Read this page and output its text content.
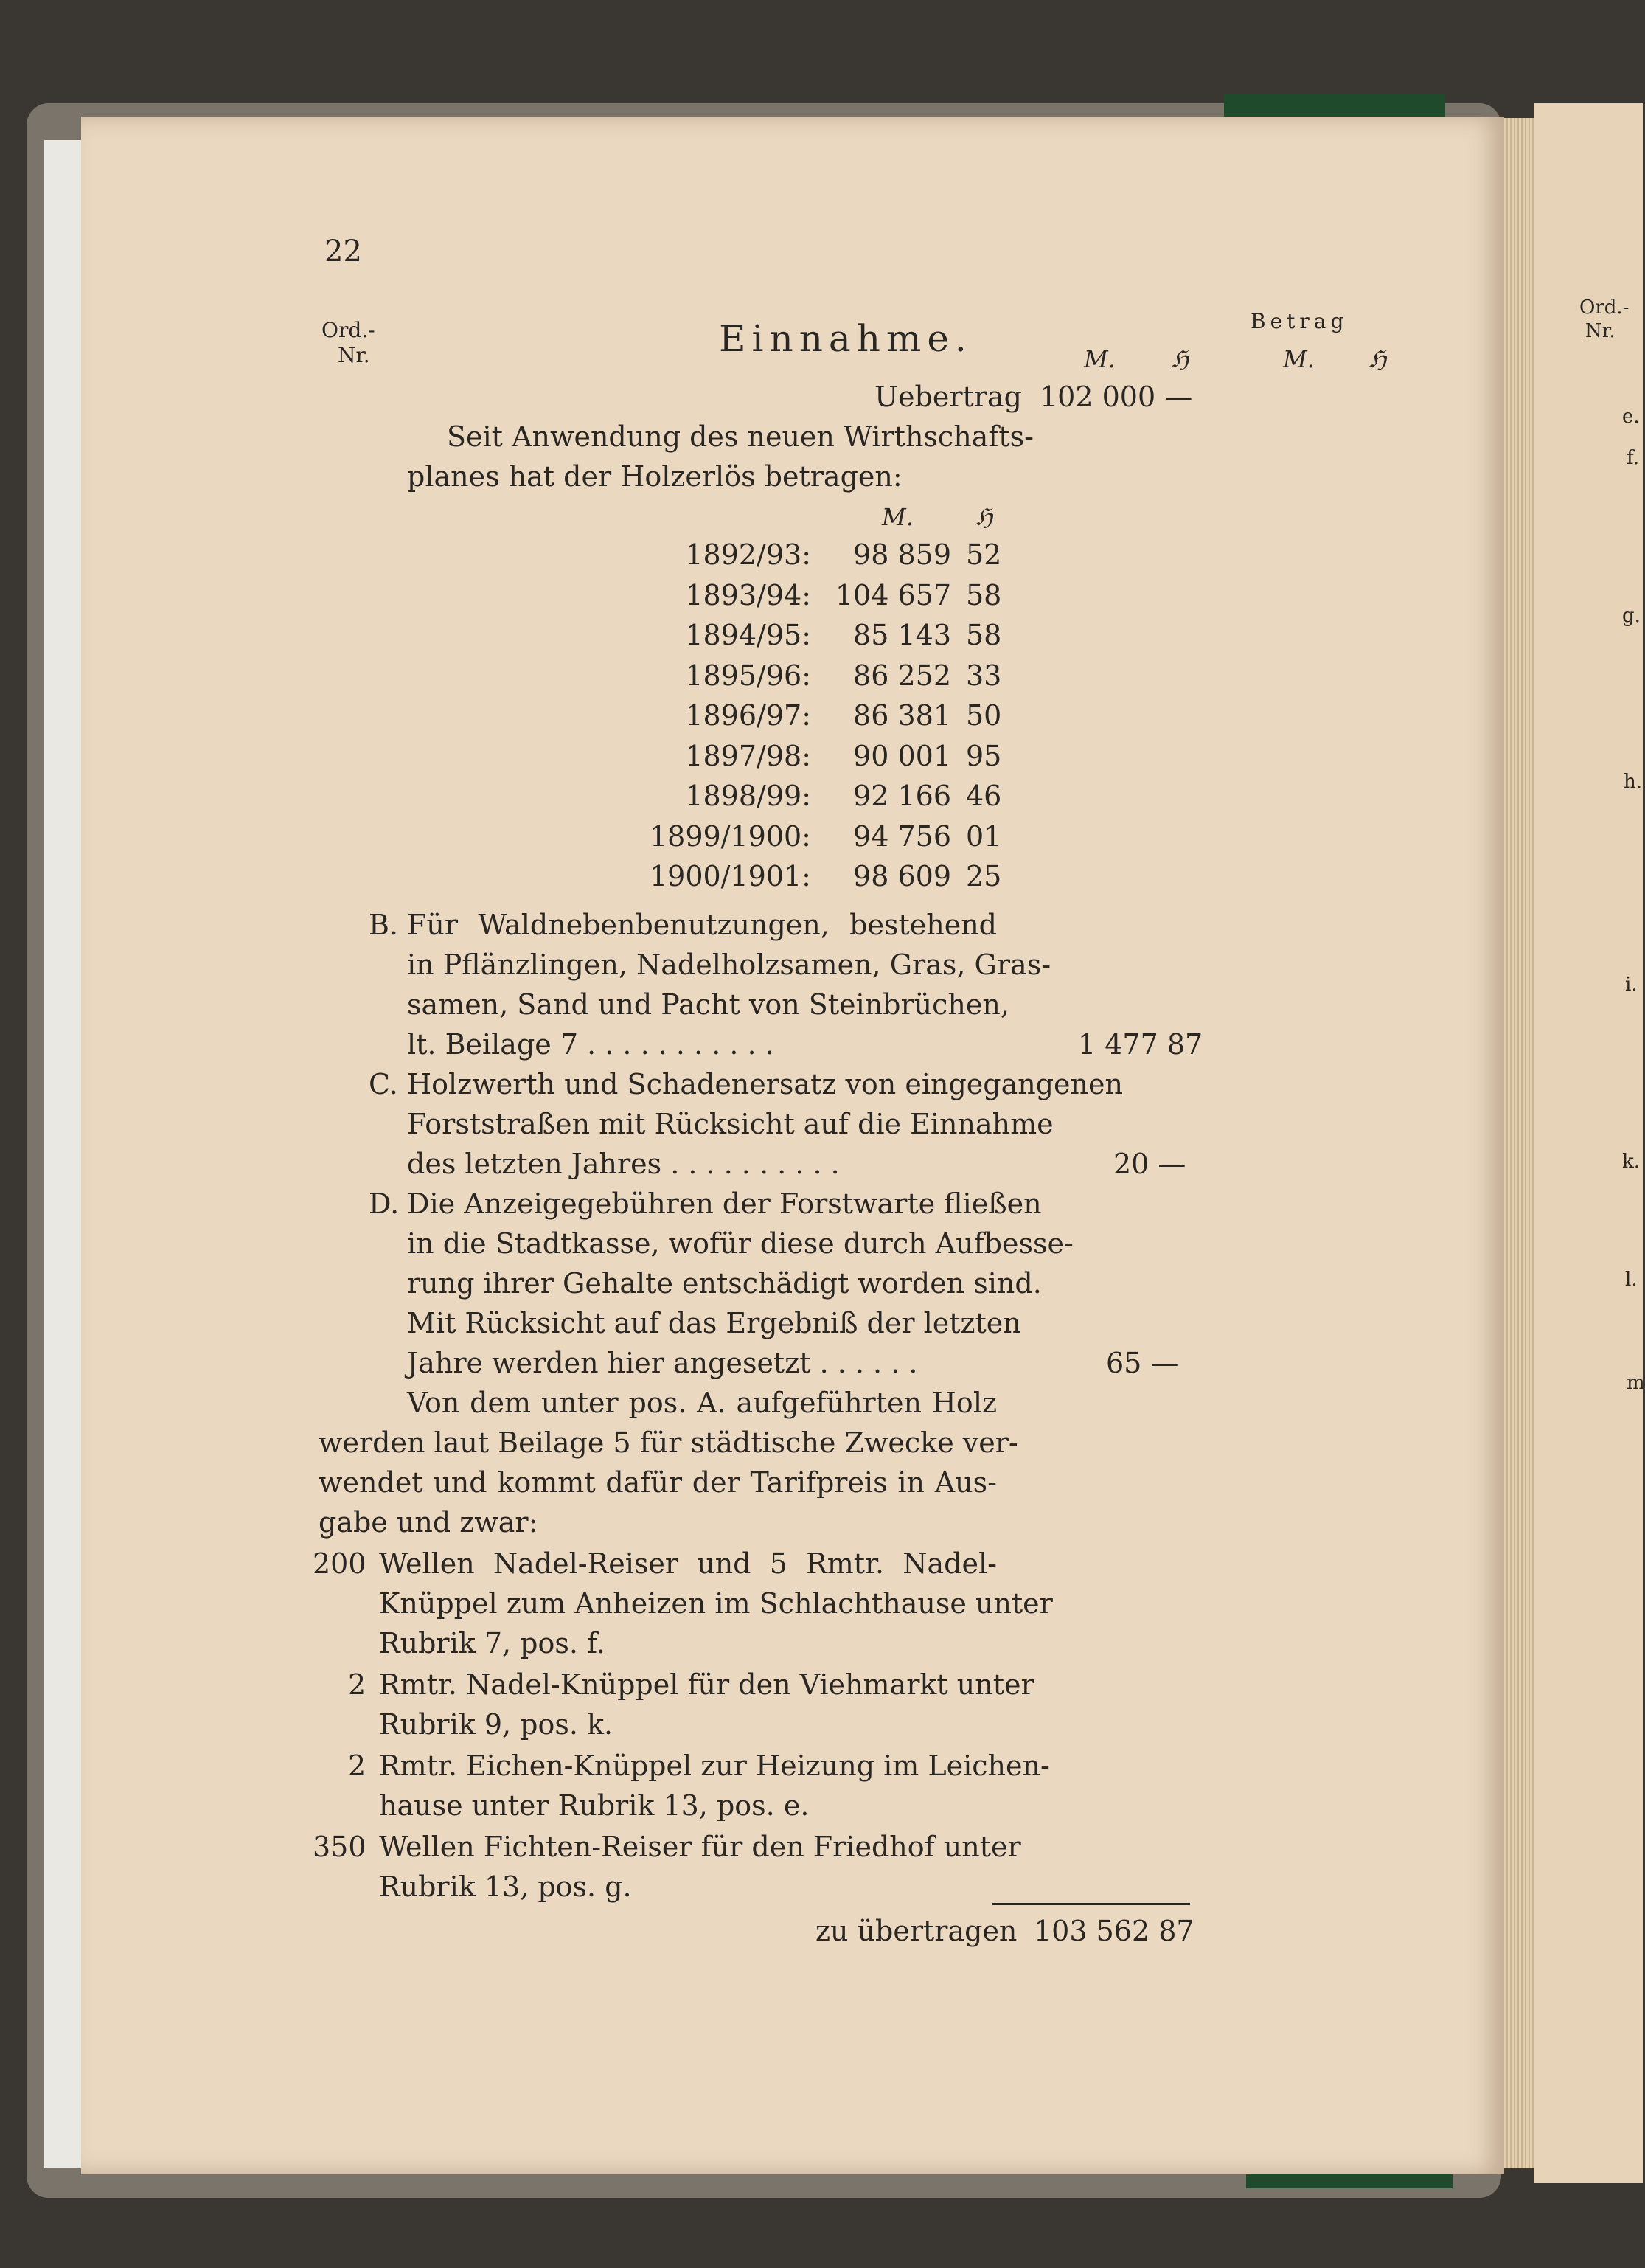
Ord.-
Nr.
e.
f.
g.
h.
i.
k.
l.
m
22
Ord.-
Nr.	Einnahme.	Betrag
M. ℌ	M. ℌ
Uebertrag 102 000 —
Seit Anwendung des neuen Wirthschafts-
planes hat der Holzerlös betragen:
M.	ℌ
1892/93:	98 859 52
1893/94: 104 657 58
1894/95:	85 143 58
1895/96:	86 252 33
1896/97:	86 381 50
1897/98:	90 001 95
1898/99:	92 166 46
1899/1900:	94 756 01
1900/1901:	98 609 25
B. Für Waldnebenbenutzungen, bestehend
in Pflänzlingen, Nadelholzsamen, Gras, Gras-
samen, Sand und Pacht von Steinbrüchen,
lt. Beilage 7 . . . . . . . . . . .	1 477 87
C. Holzwerth und Schadenersatz von eingegangenen
Forststraßen mit Rücksicht auf die Einnahme
des letzten Jahres . . . . . . . . . .	20 —
D. Die Anzeigegebühren der Forstwarte fließen
in die Stadtkasse, wofür diese durch Aufbesse-
rung ihrer Gehalte entschädigt worden sind.
Mit Rücksicht auf das Ergebniß der letzten
Jahre werden hier angesetzt . . . . . .	65 —
Von dem unter pos. A. aufgeführten Holz
werden laut Beilage 5 für städtische Zwecke ver-
wendet und kommt dafür der Tarifpreis in Aus-
gabe und zwar:
200 Wellen Nadel-Reiser und 5 Rmtr. Nadel-
Knüppel zum Anheizen im Schlachthause unter
Rubrik 7, pos. f.
2 Rmtr. Nadel-Knüppel für den Viehmarkt unter
Rubrik 9, pos. k.
2 Rmtr. Eichen-Knüppel zur Heizung im Leichen-
hause unter Rubrik 13, pos. e.
350 Wellen Fichten-Reiser für den Friedhof unter
Rubrik 13, pos. g.
zu übertragen 103 562 87
